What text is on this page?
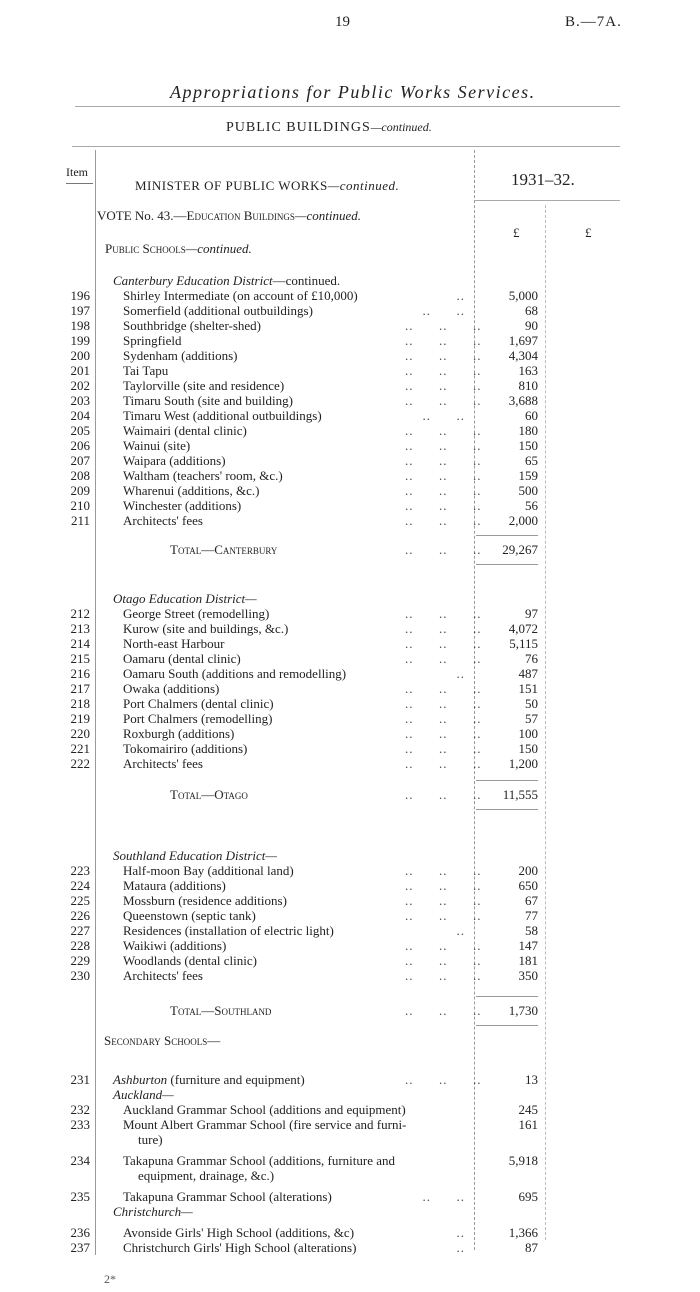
19	B.—7A.
Appropriations for Public Works Services.
PUBLIC BUILDINGS—continued.
Item
MINISTER OF PUBLIC WORKS—continued.	1931–32.
VOTE No. 43.—Education Buildings—continued.
£	£
Public Schools—continued.
Canterbury Education District—continued.
196	Shirley Intermediate (on account of £10,000)	..	5,000
197	Somerfield (additional outbuildings)	..      ..	68
198	Southbridge (shelter-shed)	..      ..      ..	90
199	Springfield	..      ..      ..	1,697
200	Sydenham (additions)	..      ..      ..	4,304
201	Tai Tapu	..      ..      ..	163
202	Taylorville (site and residence)	..      ..      ..	810
203	Timaru South (site and building)	..      ..      ..	3,688
204	Timaru West (additional outbuildings)	..      ..	60
205	Waimairi (dental clinic)	..      ..      ..	180
206	Wainui (site)	..      ..      ..	150
207	Waipara (additions)	..      ..      ..	65
208	Waltham (teachers' room, &c.)	..      ..      ..	159
209	Wharenui (additions, &c.)	..      ..      ..	500
210	Winchester (additions)	..      ..      ..	56
211	Architects' fees	..      ..      ..	2,000
Total—Canterbury	..      ..      ..	29,267
Otago Education District—
212	George Street (remodelling)	..      ..      ..	97
213	Kurow (site and buildings, &c.)	..      ..      ..	4,072
214	North-east Harbour	..      ..      ..	5,115
215	Oamaru (dental clinic)	..      ..      ..	76
216	Oamaru South (additions and remodelling)	..	487
217	Owaka (additions)	..      ..      ..	151
218	Port Chalmers (dental clinic)	..      ..      ..	50
219	Port Chalmers (remodelling)	..      ..      ..	57
220	Roxburgh (additions)	..      ..      ..	100
221	Tokomairiro (additions)	..      ..      ..	150
222	Architects' fees	..      ..      ..	1,200
Total—Otago	..      ..      ..	11,555
Southland Education District—
223	Half-moon Bay (additional land)	..      ..      ..	200
224	Mataura (additions)	..      ..      ..	650
225	Mossburn (residence additions)	..      ..      ..	67
226	Queenstown (septic tank)	..      ..      ..	77
227	Residences (installation of electric light)	..	58
228	Waikiwi (additions)	..      ..      ..	147
229	Woodlands (dental clinic)	..      ..      ..	181
230	Architects' fees	..      ..      ..	350
Total—Southland	..      ..      ..	1,730
Secondary Schools—
231 Ashburton (furniture and equipment)	..      ..      ..	13
Auckland—
232	Auckland Grammar School (additions and equipment)	245
233	Mount Albert Grammar School (fire service and furni-	161
ture)
234	Takapuna Grammar School (additions, furniture and	5,918
equipment, drainage, &c.)
235	Takapuna Grammar School (alterations)	..      ..	695
Christchurch—
236	Avonside Girls' High School (additions, &c)	..	1,366
237	Christchurch Girls' High School (alterations)	..	87
2*
